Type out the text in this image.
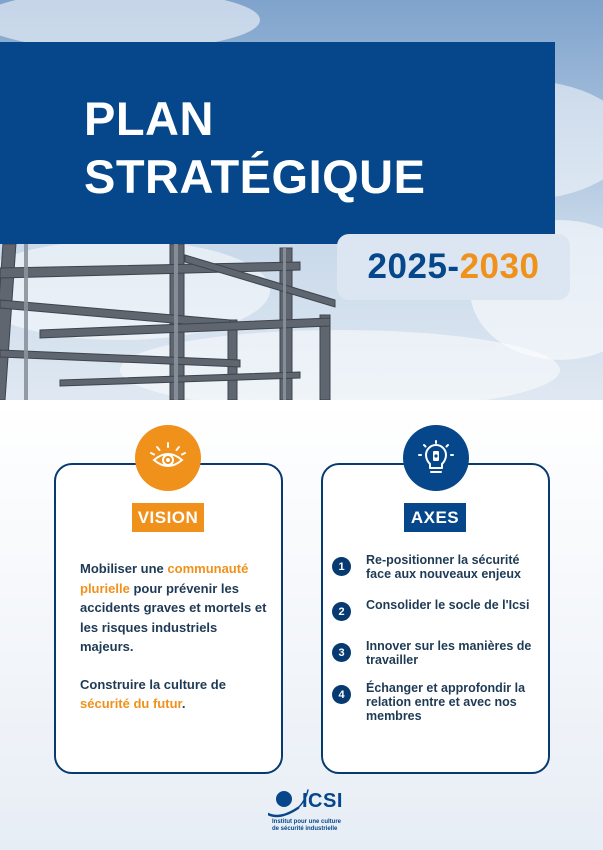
PLAN
STRATÉGIQUE
2025 - 2030
VISION

Mobiliser une communauté plurielle pour prévenir les accidents graves et mortels et les risques industriels majeurs.

Construire la culture de sécurité du futur.

AXES
1	Re-positionner la sécurité face aux nouveaux enjeux
2	Consolider le socle de l'Icsi
3	Innover sur les manières de travailler
4	Échanger et approfondir la relation entre et avec nos membres
ICSI
Institut pour une culture
de sécurité industrielle
